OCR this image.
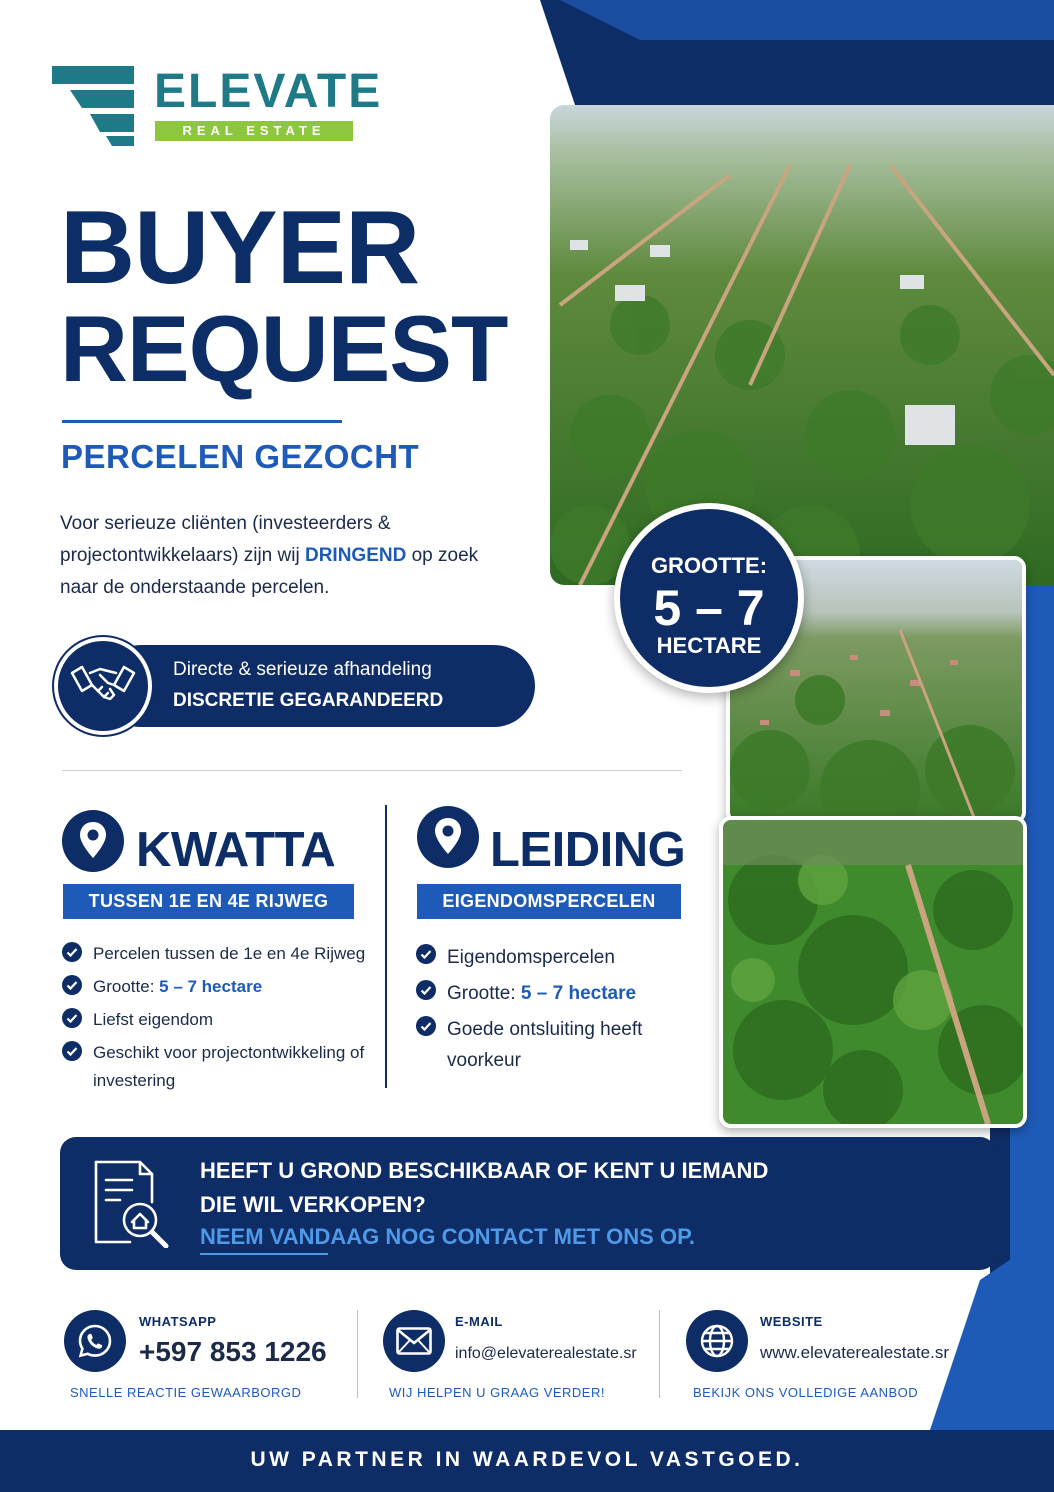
ELEVATE
REAL ESTATE
BUYER
REQUEST
PERCELEN GEZOCHT

Voor serieuze cliënten (investeerders & projectontwikkelaars) zijn wij DRINGEND op zoek naar de onderstaande percelen.

Directe & serieuze afhandeling
DISCRETIE GEGARANDEERD
GROOTTE:
5 – 7
HECTARE
KWATTA
TUSSEN 1E EN 4E RIJWEG
Percelen tussen de 1e en 4e Rijweg
Grootte: 5 – 7 hectare
Liefst eigendom
Geschikt voor projectontwikkeling of investering
LEIDING
EIGENDOMSPERCELEN
Eigendomspercelen
Grootte: 5 – 7 hectare
Goede ontsluiting heeft voorkeur
HEEFT U GROND BESCHIKBAAR OF KENT U IEMAND
DIE WIL VERKOPEN?
NEEM VANDAAG NOG CONTACT MET ONS OP.
WHATSAPP
+597 853 1226
SNELLE REACTIE GEWAARBORGD
E-MAIL
info@elevaterealestate.sr
WIJ HELPEN U GRAAG VERDER!
WEBSITE
www.elevaterealestate.sr
BEKIJK ONS VOLLEDIGE AANBOD
UW PARTNER IN WAARDEVOL VASTGOED.
